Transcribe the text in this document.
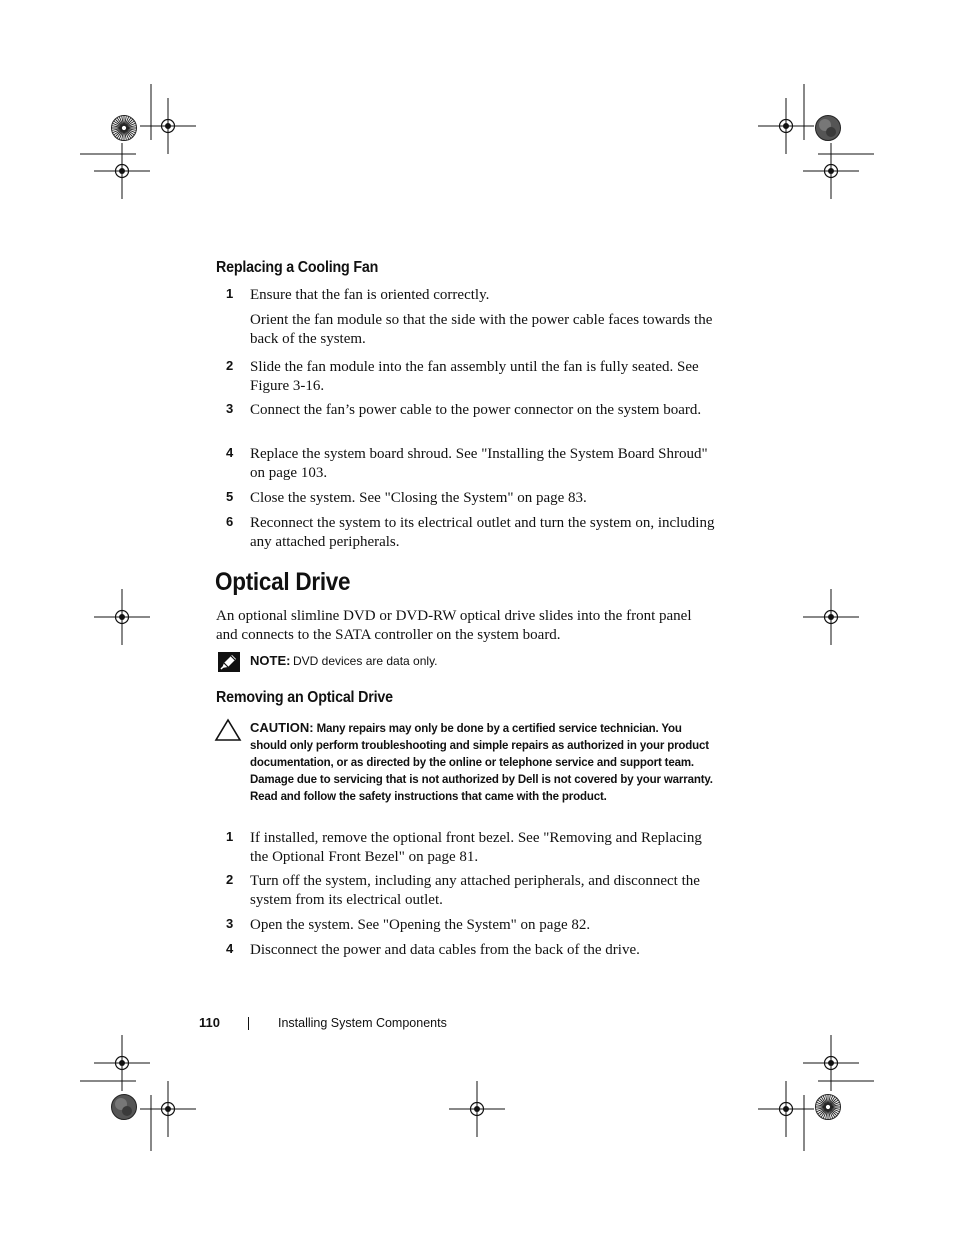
Replacing a Cooling Fan
1 Ensure that the fan is oriented correctly.
Orient the fan module so that the side with the power cable faces towards the back of the system.
2 Slide the fan module into the fan assembly until the fan is fully seated. See Figure 3-16.
3 Connect the fan’s power cable to the power connector on the system board.
4 Replace the system board shroud. See "Installing the System Board Shroud" on page 103.
5 Close the system. See "Closing the System" on page 83.
6 Reconnect the system to its electrical outlet and turn the system on, including any attached peripherals.
Optical Drive
An optional slimline DVD or DVD-RW optical drive slides into the front panel and connects to the SATA controller on the system board.
NOTE: DVD devices are data only.
Removing an Optical Drive
CAUTION: Many repairs may only be done by a certified service technician. You should only perform troubleshooting and simple repairs as authorized in your product documentation, or as directed by the online or telephone service and support team. Damage due to servicing that is not authorized by Dell is not covered by your warranty. Read and follow the safety instructions that came with the product.
1 If installed, remove the optional front bezel. See "Removing and Replacing the Optional Front Bezel" on page 81.
2 Turn off the system, including any attached peripherals, and disconnect the system from its electrical outlet.
3 Open the system. See "Opening the System" on page 82.
4 Disconnect the power and data cables from the back of the drive.
110	Installing System Components
